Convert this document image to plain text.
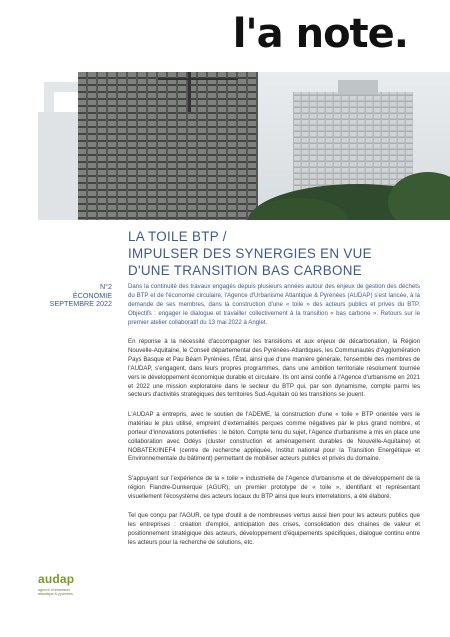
l'a note.
LA TOILE BTP /
IMPULSER DES SYNERGIES EN VUE
D'UNE TRANSITION BAS CARBONE
N°2
ÉCONOMIE
SEPTEMBRE 2022

Dans la continuité des travaux engagés depuis plusieurs années autour des enjeux de gestion des déchets du BTP et de l'économie circulaire, l'Agence d'Urbanisme Atlantique & Pyrénées (AUDAP) s'est lancée, à la demande de ses membres, dans la construction d'une « toile » des acteurs publics et privés du BTP. Objectifs : engager le dialogue et travailler collectivement à la transition « bas carbone ». Retours sur le premier atelier collaboratif du 13 mai 2022 à Anglet.

En réponse à la nécessité d'accompagner les transitions et aux enjeux de décarbonation, la Région Nouvelle-Aquitaine, le Conseil départemental des Pyrénées-Atlantiques, les Communautés d'Agglomération Pays Basque et Pau Béarn Pyrénées, l'État, ainsi que d'une manière générale, l'ensemble des membres de l'AUDAP, s'engagent, dans leurs propres programmes, dans une ambition territoriale résolument tournée vers le développement économique durable et circulaire. Ils ont ainsi confié à l'Agence d'urbanisme en 2021 et 2022 une mission exploratoire dans le secteur du BTP qui, par son dynamisme, compte parmi les secteurs d'activités stratégiques des territoires Sud-Aquitain où les transitions se jouent.

L'AUDAP a entrepris, avec le soutien de l'ADEME, la construction d'une « toile » BTP orientée vers le matériau le plus utilisé, empreint d'externalités perçues comme négatives par le plus grand nombre, et porteur d'innovations potentielles : le béton. Compte tenu du sujet, l'Agence d'urbanisme a mis en place une collaboration avec Odéys (cluster construction et aménagement durables de Nouvelle-Aquitaine) et NOBATEK/INEF4 (centre de recherche appliquée, Institut national pour la Transition Energétique et Environnementale du bâtiment) permettant de mobiliser acteurs publics et privés du domaine.

S'appuyant sur l'expérience de la « toile » industrielle de l'Agence d'urbanisme et de développement de la région Flandre-Dunkerque (AGUR), un premier prototype de « toile », identifiant et représentant visuellement l'écosystème des acteurs locaux du BTP ainsi que leurs interrelations, a été élaboré.

Tel que conçu par l'AGUR, ce type d'outil a de nombreuses vertus aussi bien pour les acteurs publics que les entreprises : création d'emploi, anticipation des crises, consolidation des chaînes de valeur et positionnement stratégique des acteurs, développement d'équipements spécifiques, dialogue continu entre les acteurs pour la recherche de solutions, etc.

audap
agence d'urbanisme atlantique & pyrénées
